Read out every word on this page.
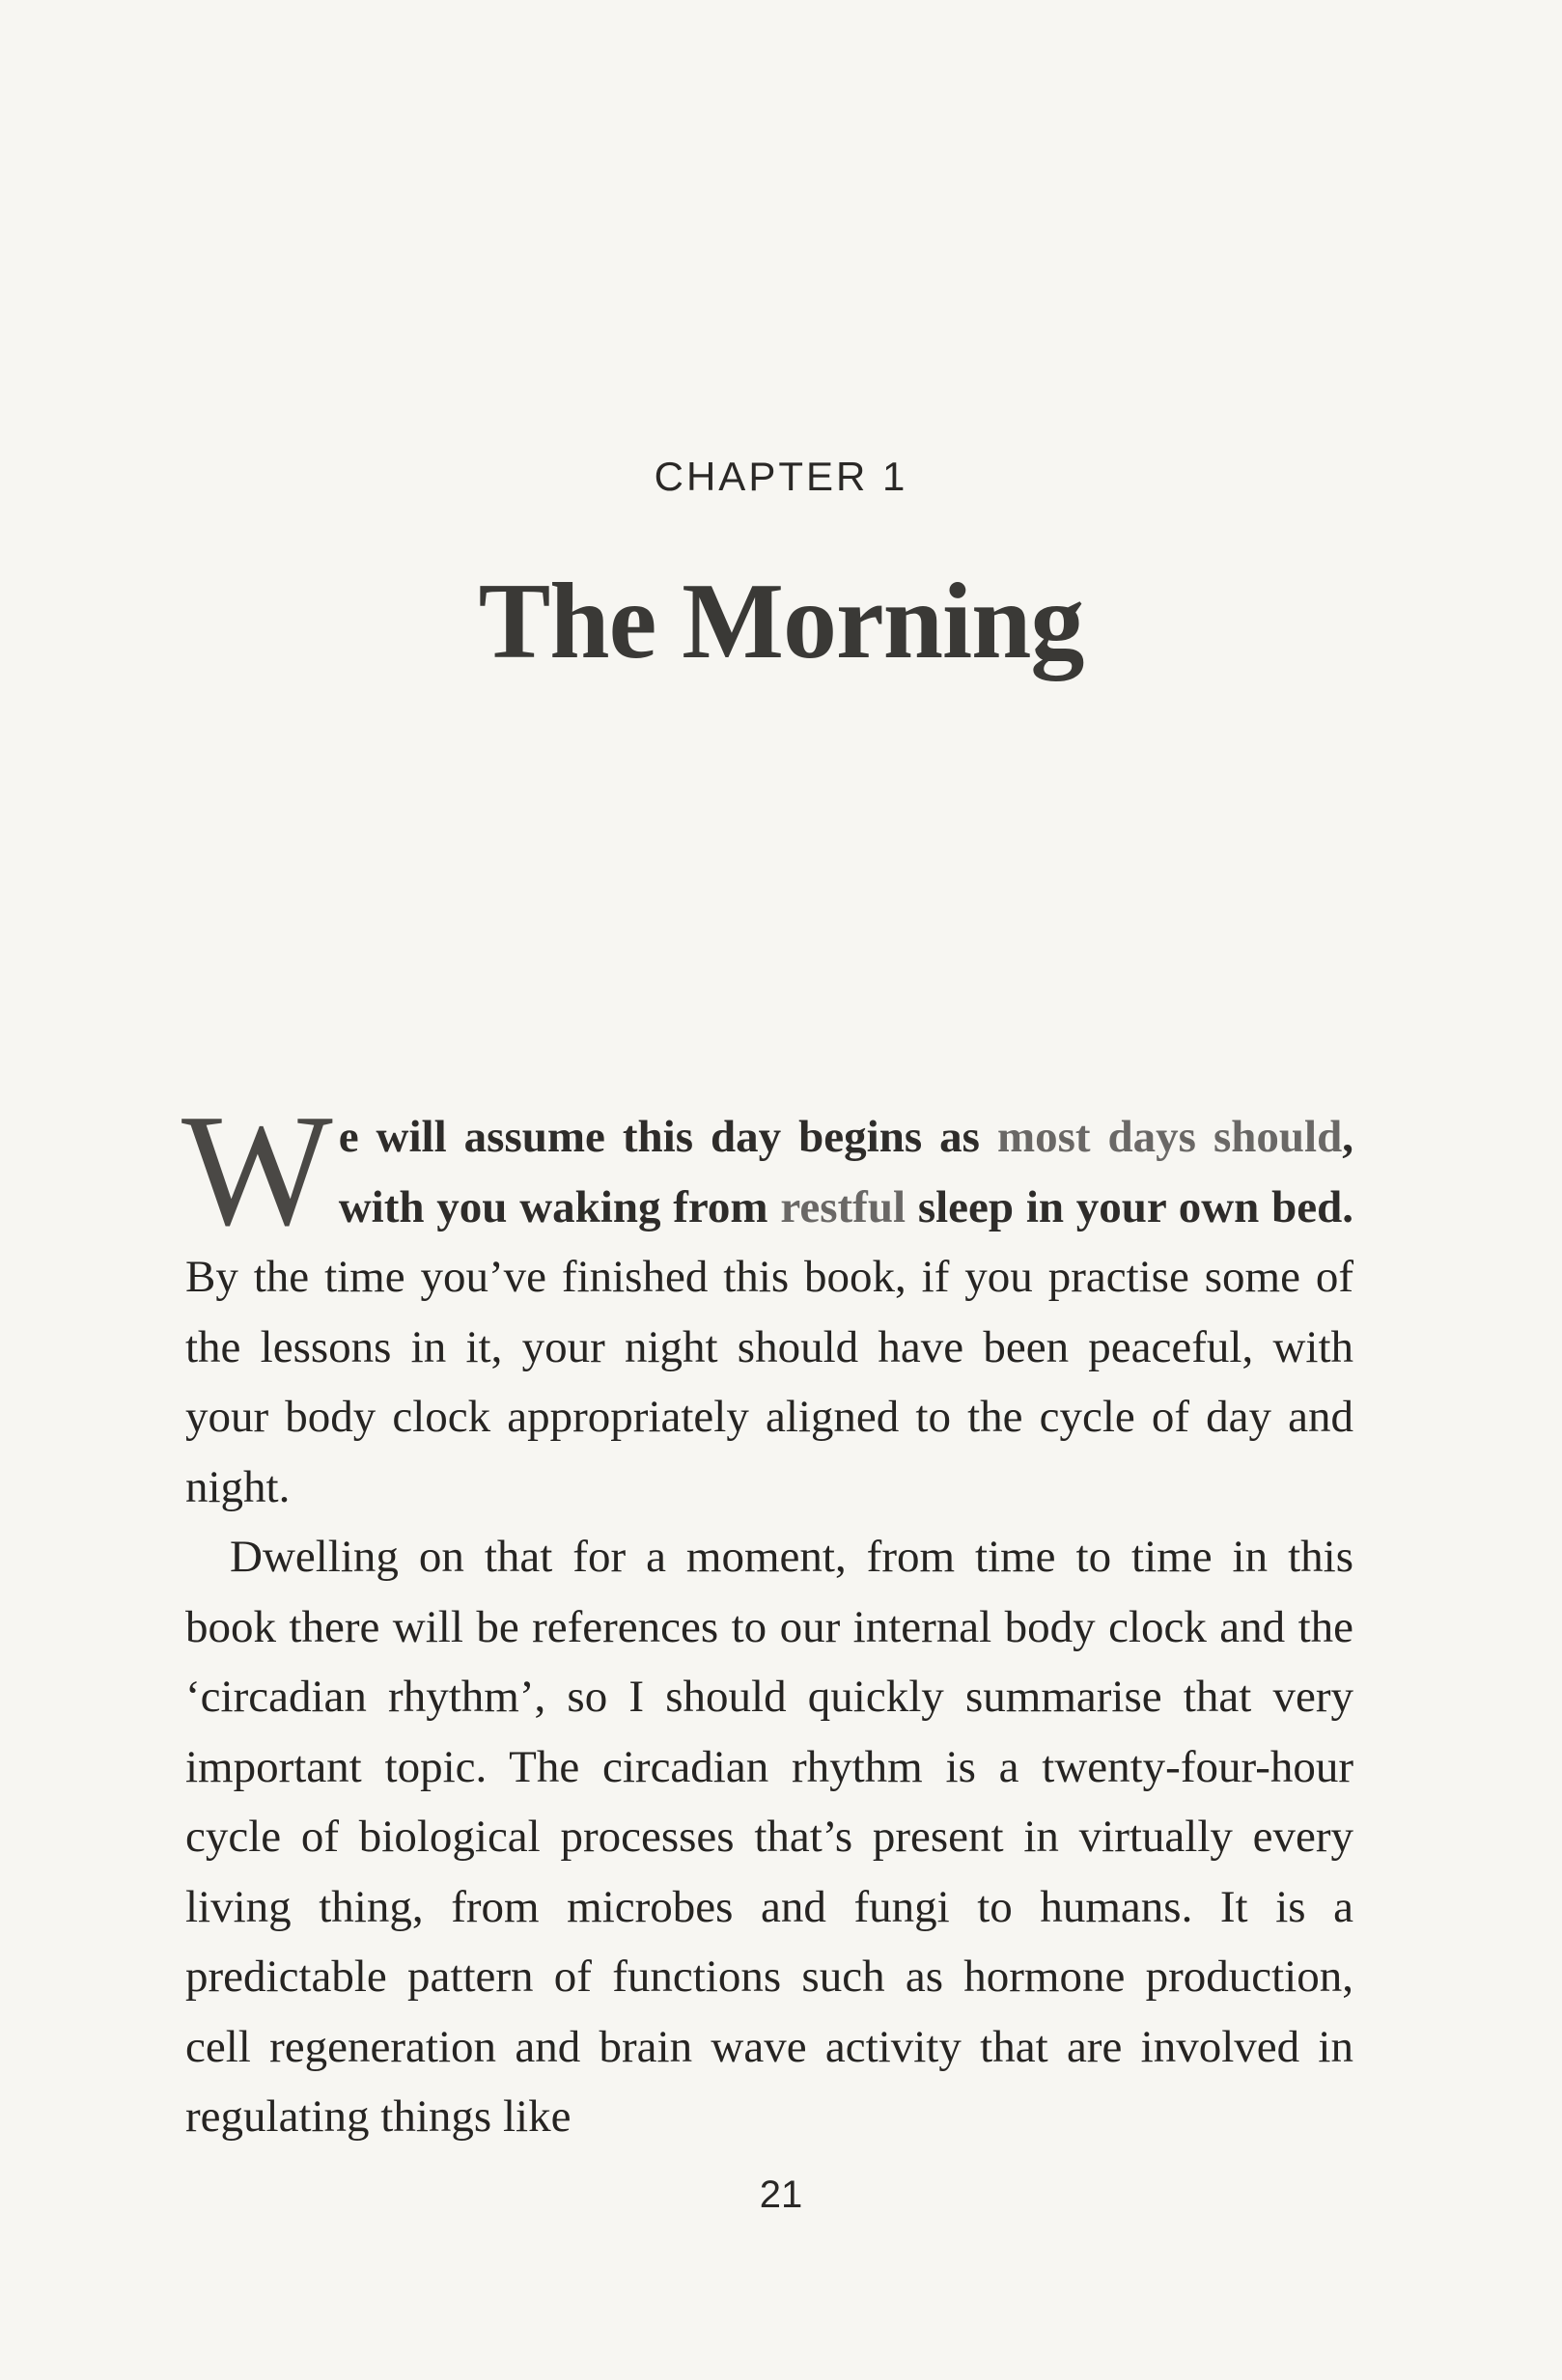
CHAPTER 1
The Morning

We will assume this day begins as most days should, with you waking from restful sleep in your own bed. By the time you’ve finished this book, if you practise some of the lessons in it, your night should have been peaceful, with your body clock appropriately aligned to the cycle of day and night.

Dwelling on that for a moment, from time to time in this book there will be references to our internal body clock and the ‘circadian rhythm’, so I should quickly summarise that very important topic. The circadian rhythm is a twenty-four-hour cycle of biological processes that’s present in virtually every living thing, from microbes and fungi to humans. It is a predictable pattern of functions such as hormone production, cell regeneration and brain wave activity that are involved in regulating things like

21
